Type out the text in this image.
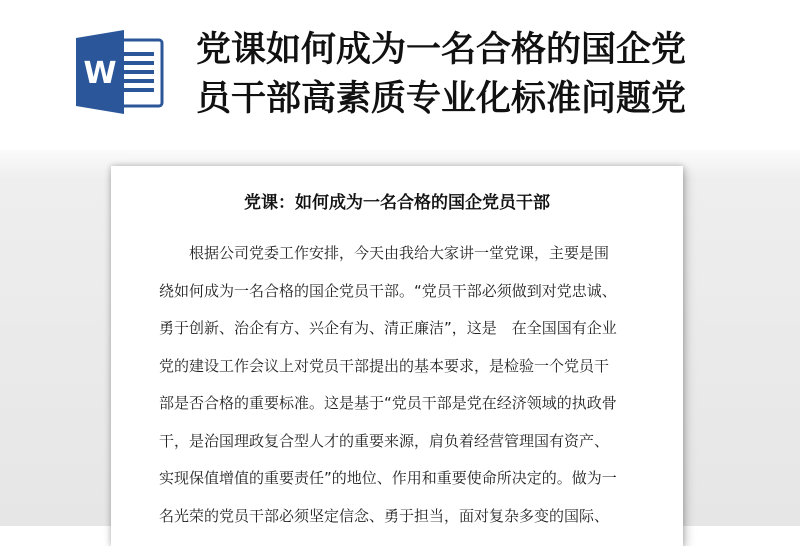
W
党课如何成为一名合格的国企党
员干部高素质专业化标准问题党
党课：如何成为一名合格的国企党员干部
　　根据公司党委工作安排，今天由我给大家讲一堂党课，主要是围
绕如何成为一名合格的国企党员干部。“党员干部必须做到对党忠诚、
勇于创新、治企有方、兴企有为、清正廉洁”，这是　在全国国有企业
党的建设工作会议上对党员干部提出的基本要求，是检验一个党员干
部是否合格的重要标准。这是基于“党员干部是党在经济领域的执政骨
干，是治国理政复合型人才的重要来源，肩负着经营管理国有资产、
实现保值增值的重要责任”的地位、作用和重要使命所决定的。做为一
名光荣的党员干部必须坚定信念、勇于担当，面对复杂多变的国际、
